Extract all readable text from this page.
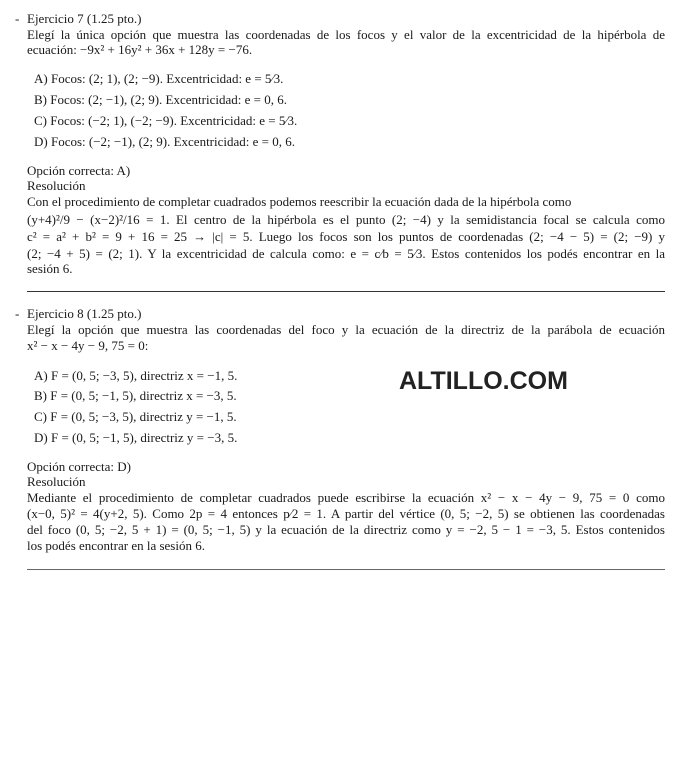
- Ejercicio 7 (1.25 pto.)
Elegí la única opción que muestra las coordenadas de los focos y el valor de la excentricidad de la hipérbola de
ecuación: −9x² + 16y² + 36x + 128y = −76.
A) Focos: (2; 1), (2; −9). Excentricidad: e = 5⁄3.
B) Focos: (2; −1), (2; 9). Excentricidad: e = 0, 6.
C) Focos: (−2; 1), (−2; −9). Excentricidad: e = 5⁄3.
D) Focos: (−2; −1), (2; 9). Excentricidad: e = 0, 6.
Opción correcta: A)
Resolución
Con el procedimiento de completar cuadrados podemos reescribir la ecuación dada de la hipérbola como
(y+4)²/9 − (x−2)²/16 = 1. El centro de la hipérbola es el punto (2; −4) y la semidistancia focal se calcula como
c² = a² + b² = 9 + 16 = 25 → |c| = 5. Luego los focos son los puntos de coordenadas (2; −4 − 5) = (2; −9) y
(2; −4 + 5) = (2; 1). Y la excentricidad de calcula como: e = c⁄b = 5⁄3. Estos contenidos los podés encontrar en la
sesión 6.
- Ejercicio 8 (1.25 pto.)
Elegí la opción que muestra las coordenadas del foco y la ecuación de la directriz de la parábola de ecuación
x² − x − 4y − 9, 75 = 0:
A) F = (0, 5; −3, 5), directriz x = −1, 5.
B) F = (0, 5; −1, 5), directriz x = −3, 5.
C) F = (0, 5; −3, 5), directriz y = −1, 5.
D) F = (0, 5; −1, 5), directriz y = −3, 5.
ALTILLO.COM
Opción correcta: D)
Resolución
Mediante el procedimiento de completar cuadrados puede escribirse la ecuación x² − x − 4y − 9, 75 = 0 como
(x−0, 5)² = 4(y+2, 5). Como 2p = 4 entonces p⁄2 = 1. A partir del vértice (0, 5; −2, 5) se obtienen las coordenadas
del foco (0, 5; −2, 5 + 1) = (0, 5; −1, 5) y la ecuación de la directriz como y = −2, 5 − 1 = −3, 5. Estos contenidos
los podés encontrar en la sesión 6.
